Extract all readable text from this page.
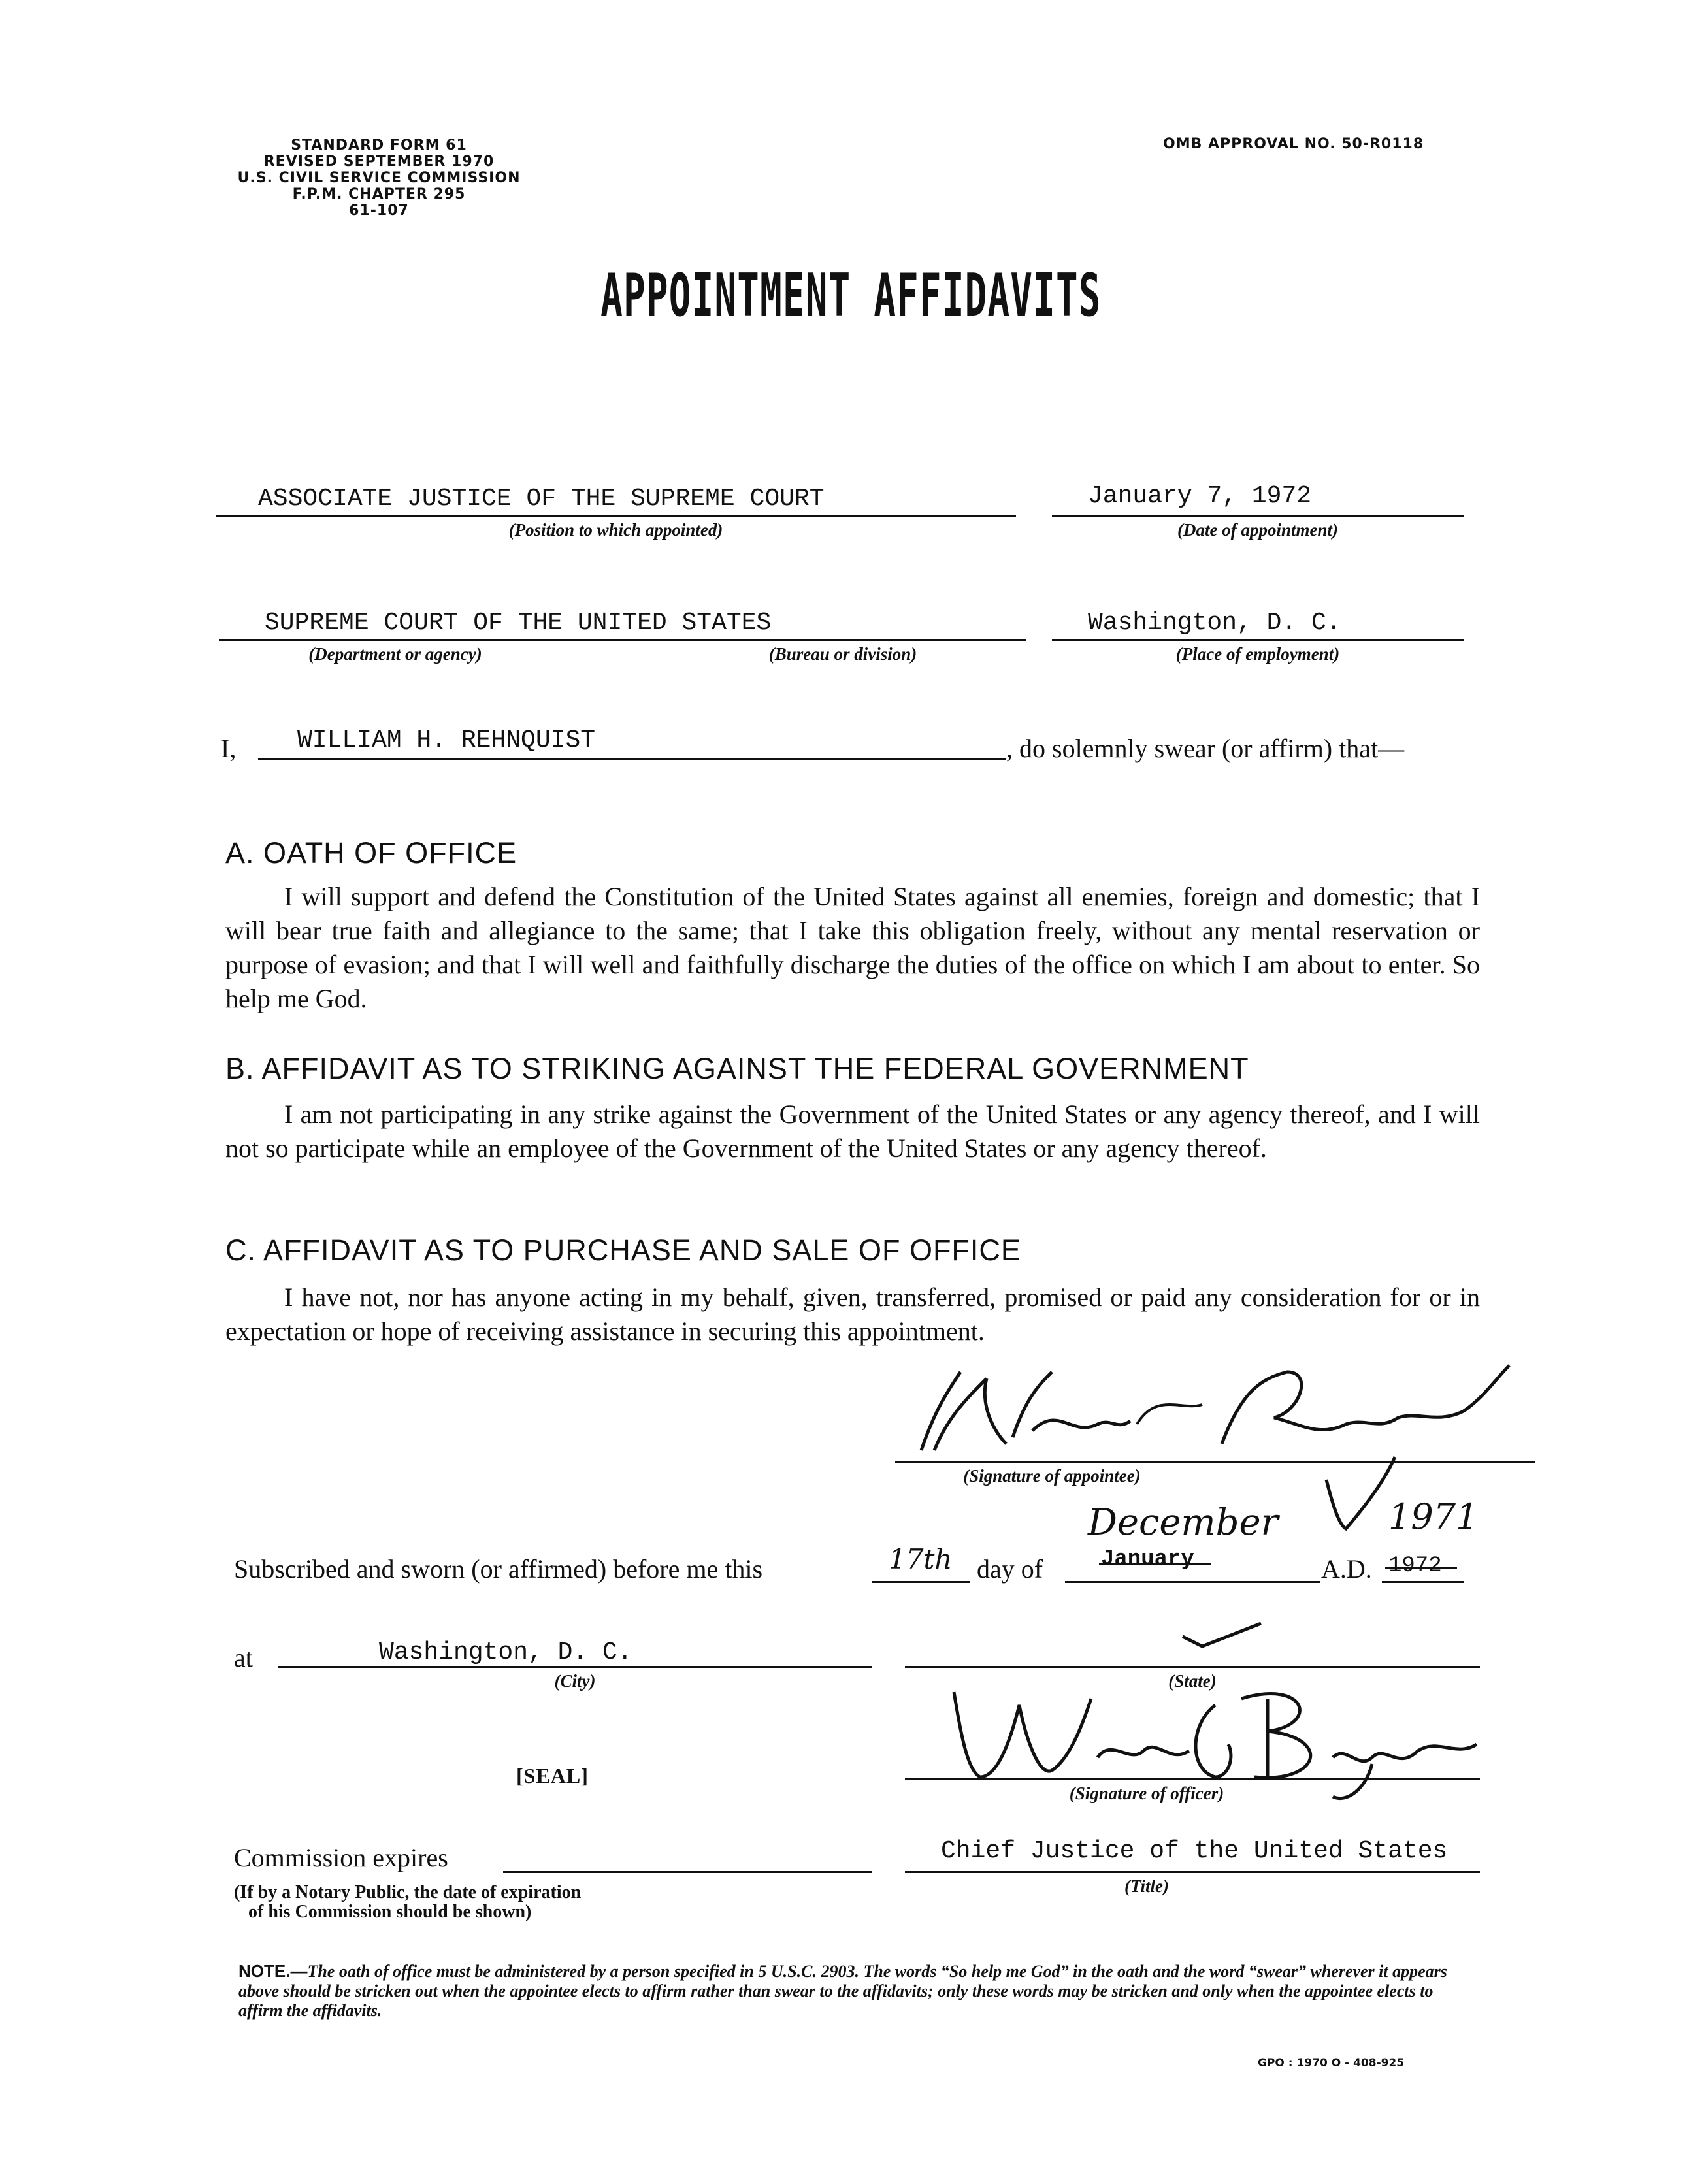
STANDARD FORM 61
REVISED SEPTEMBER 1970
U.S. CIVIL SERVICE COMMISSION
F.P.M. CHAPTER 295
61-107
OMB APPROVAL NO. 50-R0118
APPOINTMENT AFFIDAVITS
ASSOCIATE JUSTICE OF THE SUPREME COURT
(Position to which appointed)
January 7, 1972
(Date of appointment)
SUPREME COURT OF THE UNITED STATES
(Department or agency)	(Bureau or division)
Washington, D. C.
(Place of employment)
I, WILLIAM H. REHNQUIST	, do solemnly swear (or affirm) that—
A. OATH OF OFFICE
I will support and defend the Constitution of the United States against all enemies, foreign and domestic; that I will bear true faith and allegiance to the same; that I take this obligation freely, without any mental reservation or purpose of evasion; and that I will well and faithfully discharge the duties of the office on which I am about to enter. So help me God.
B. AFFIDAVIT AS TO STRIKING AGAINST THE FEDERAL GOVERNMENT
I am not participating in any strike against the Government of the United States or any agency thereof, and I will not so participate while an employee of the Government of the United States or any agency thereof.
C. AFFIDAVIT AS TO PURCHASE AND SALE OF OFFICE
I have not, nor has anyone acting in my behalf, given, transferred, promised or paid any consideration for or in expectation or hope of receiving assistance in securing this appointment.
(Signature of appointee)
Subscribed and sworn (or affirmed) before me this	17th day of
December
January	A.D.
1971
1972
at	Washington, D. C.
(City)	(State)
(Signature of officer)
[SEAL]
Commission expires
(If by a Notary Public, the date of expiration
of his Commission should be shown)
Chief Justice of the United States
(Title)
NOTE.—The oath of office must be administered by a person specified in 5 U.S.C. 2903. The words “So help me God” in the oath and the word “swear” wherever it appears above should be stricken out when the appointee elects to affirm rather than swear to the affidavits; only these words may be stricken and only when the appointee elects to affirm the affidavits.
GPO : 1970 O - 408-925
